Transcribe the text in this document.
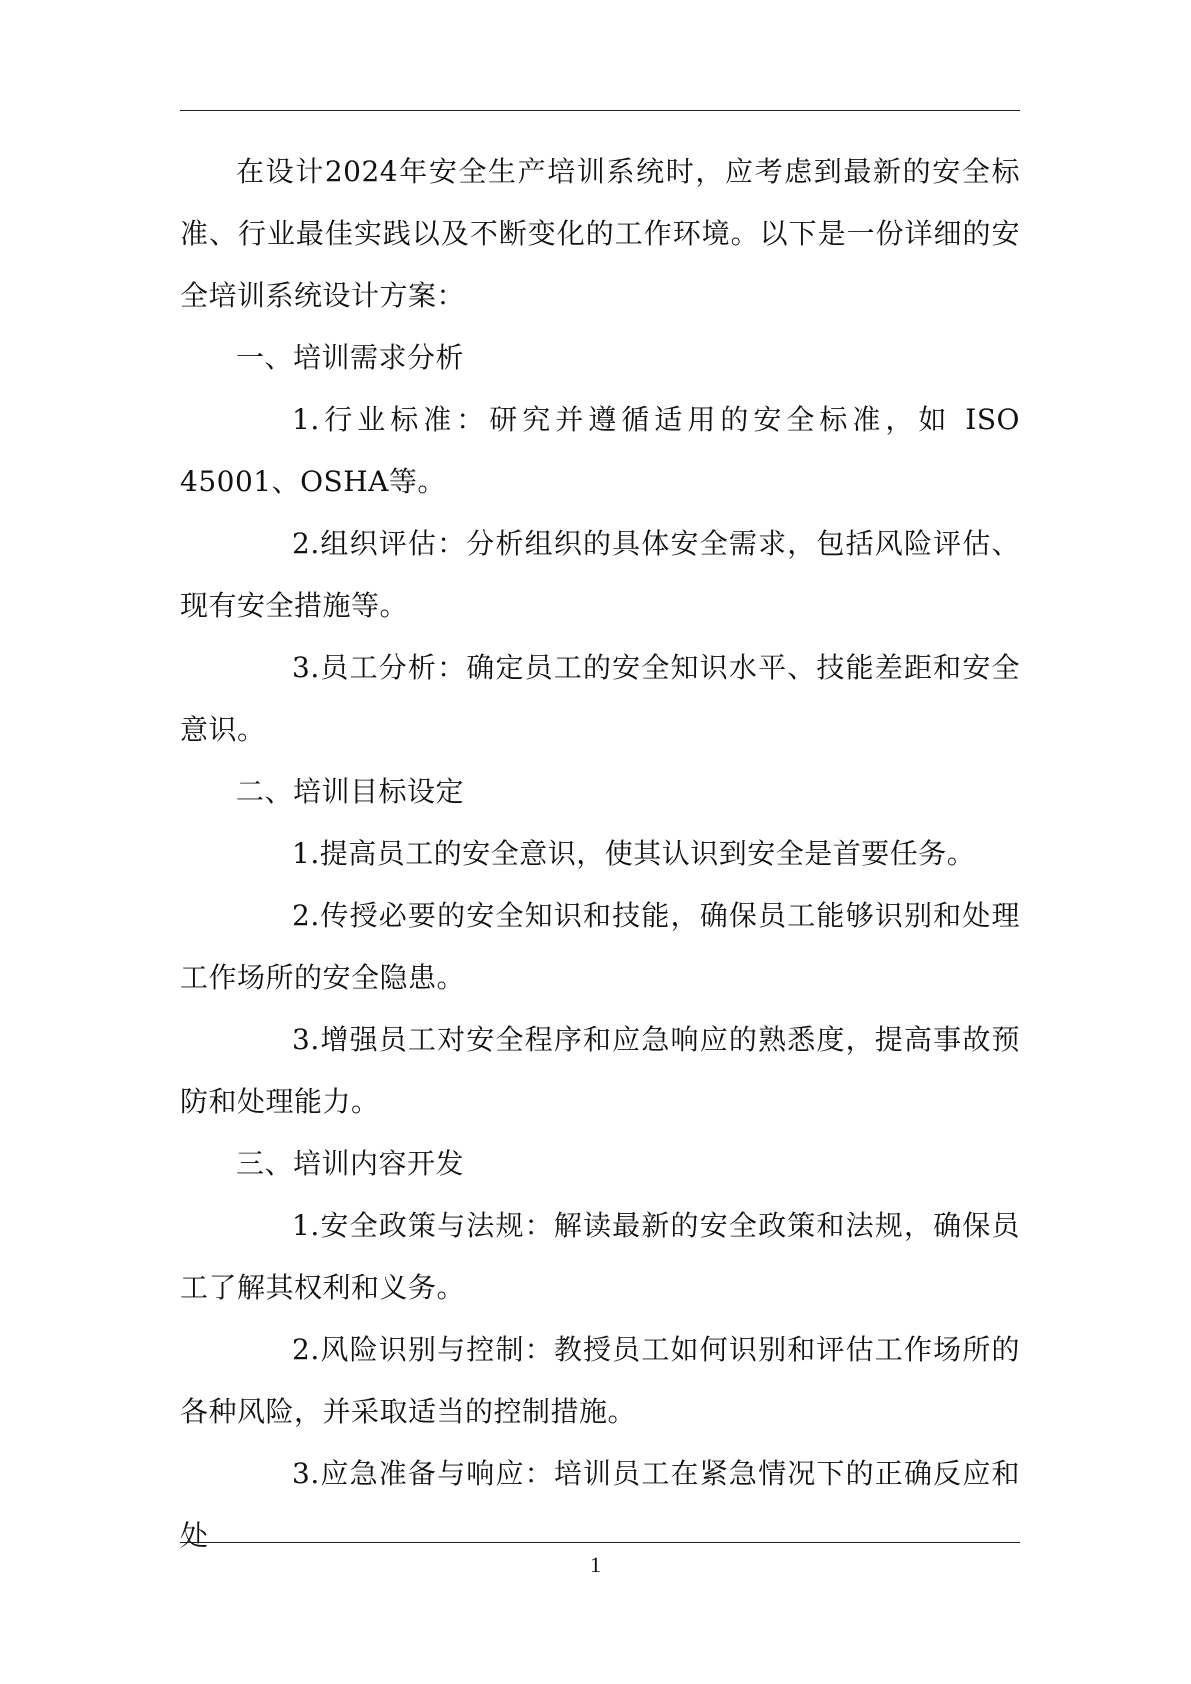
在设计2024年安全生产培训系统时，应考虑到最新的安全标准、行业最佳实践以及不断变化的工作环境。以下是一份详细的安全培训系统设计方案：

一、培训需求分析

1.行业标准：研究并遵循适用的安全标准，如 ISO 45001、OSHA等。

2.组织评估：分析组织的具体安全需求，包括风险评估、现有安全措施等。

3.员工分析：确定员工的安全知识水平、技能差距和安全意识。

二、培训目标设定

1.提高员工的安全意识，使其认识到安全是首要任务。

2.传授必要的安全知识和技能，确保员工能够识别和处理工作场所的安全隐患。

3.增强员工对安全程序和应急响应的熟悉度，提高事故预防和处理能力。

三、培训内容开发

1.安全政策与法规：解读最新的安全政策和法规，确保员工了解其权利和义务。

2.风险识别与控制：教授员工如何识别和评估工作场所的各种风险，并采取适当的控制措施。

3.应急准备与响应：培训员工在紧急情况下的正确反应和处

1
